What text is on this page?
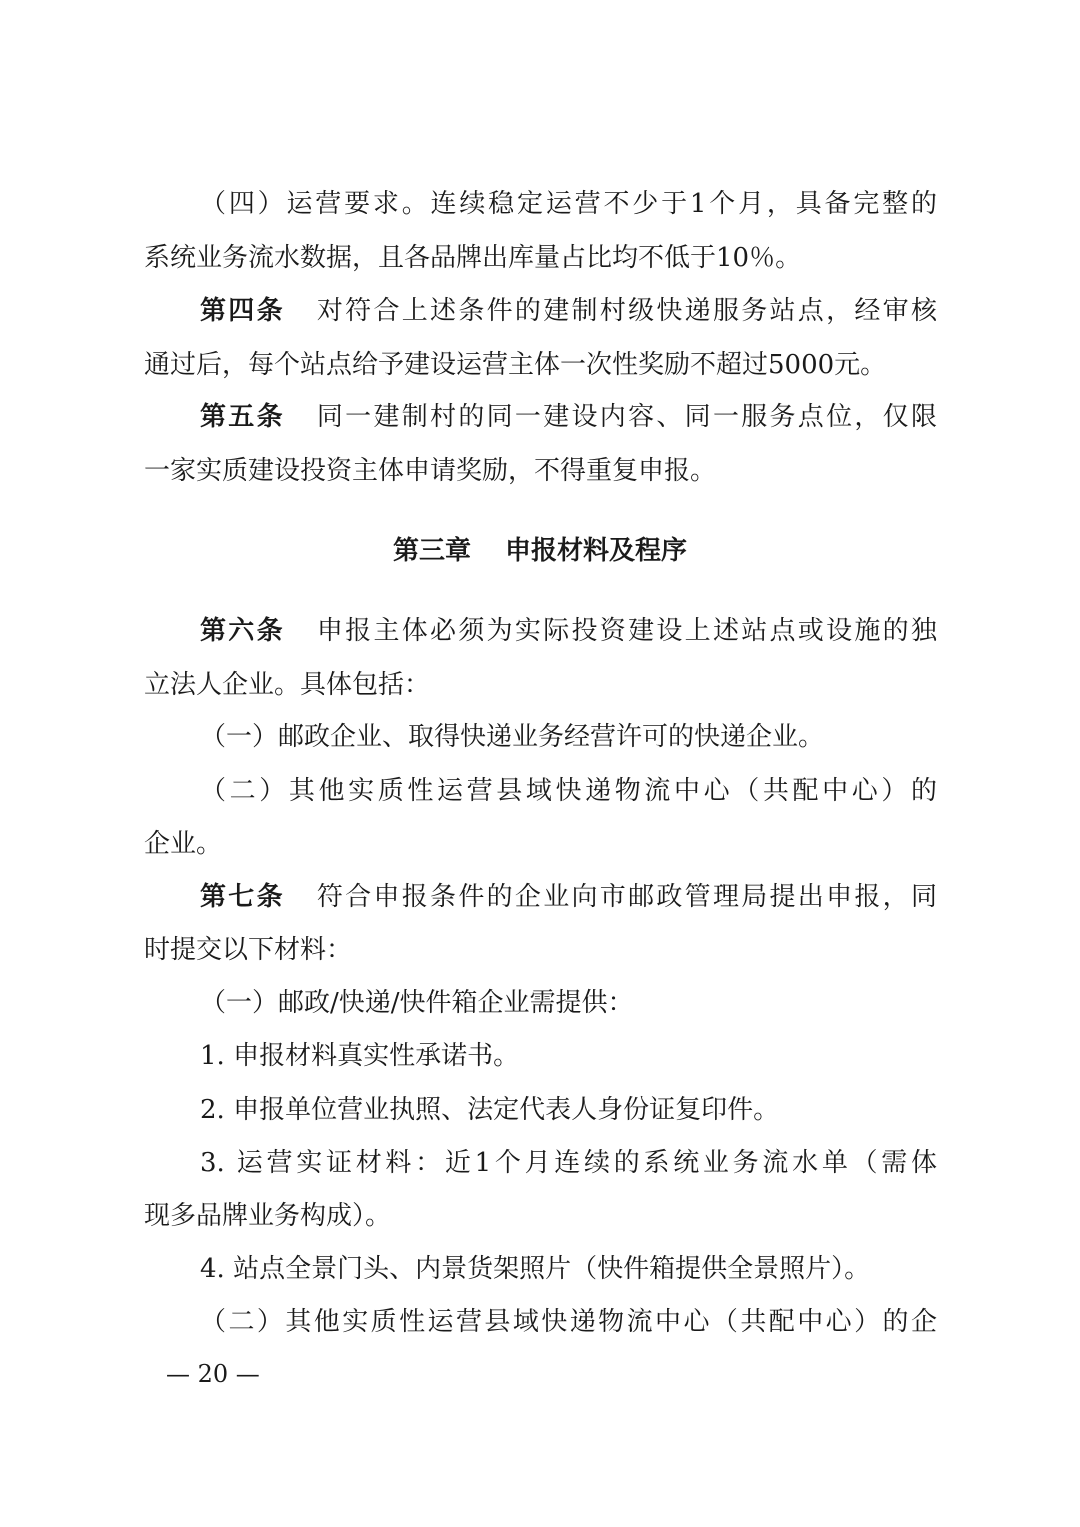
（四）运营要求。连续稳定运营不少于1个月，具备完整的
系统业务流水数据，且各品牌出库量占比均不低于10％。
第四条 对符合上述条件的建制村级快递服务站点，经审核
通过后，每个站点给予建设运营主体一次性奖励不超过5000元。
第五条 同一建制村的同一建设内容、同一服务点位，仅限
一家实质建设投资主体申请奖励，不得重复申报。
第三章 申报材料及程序
第六条 申报主体必须为实际投资建设上述站点或设施的独
立法人企业。具体包括：
（一）邮政企业、取得快递业务经营许可的快递企业。
（二）其他实质性运营县域快递物流中心（共配中心）的
企业。
第七条 符合申报条件的企业向市邮政管理局提出申报，同
时提交以下材料：
（一）邮政/快递/快件箱企业需提供：
1. 申报材料真实性承诺书。
2. 申报单位营业执照、法定代表人身份证复印件。
3. 运营实证材料：近1个月连续的系统业务流水单（需体
现多品牌业务构成）。
4. 站点全景门头、内景货架照片（快件箱提供全景照片）。
（二）其他实质性运营县域快递物流中心（共配中心）的企
— 20 —
